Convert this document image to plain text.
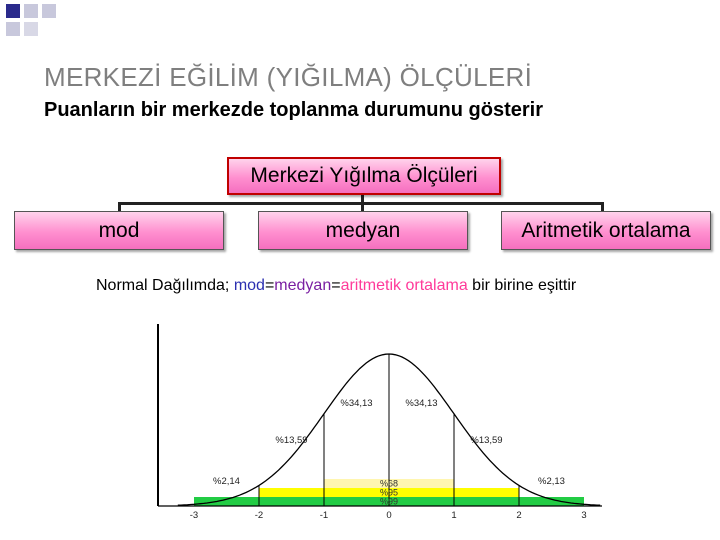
MERKEZİ EĞİLİM (YIĞILMA) ÖLÇÜLERİ
Puanların bir merkezde toplanma durumunu gösterir
Merkezi Yığılma Ölçüleri
mod	medyan	Aritmetik ortalama

Normal Dağılımda; mod=medyan=aritmetik ortalama bir birine eşittir

%68
%95
%99
%2,14
%13,59
%34,13	%34,13
%13,59
%2,13
-3	-2	-1	0	1	2	3
